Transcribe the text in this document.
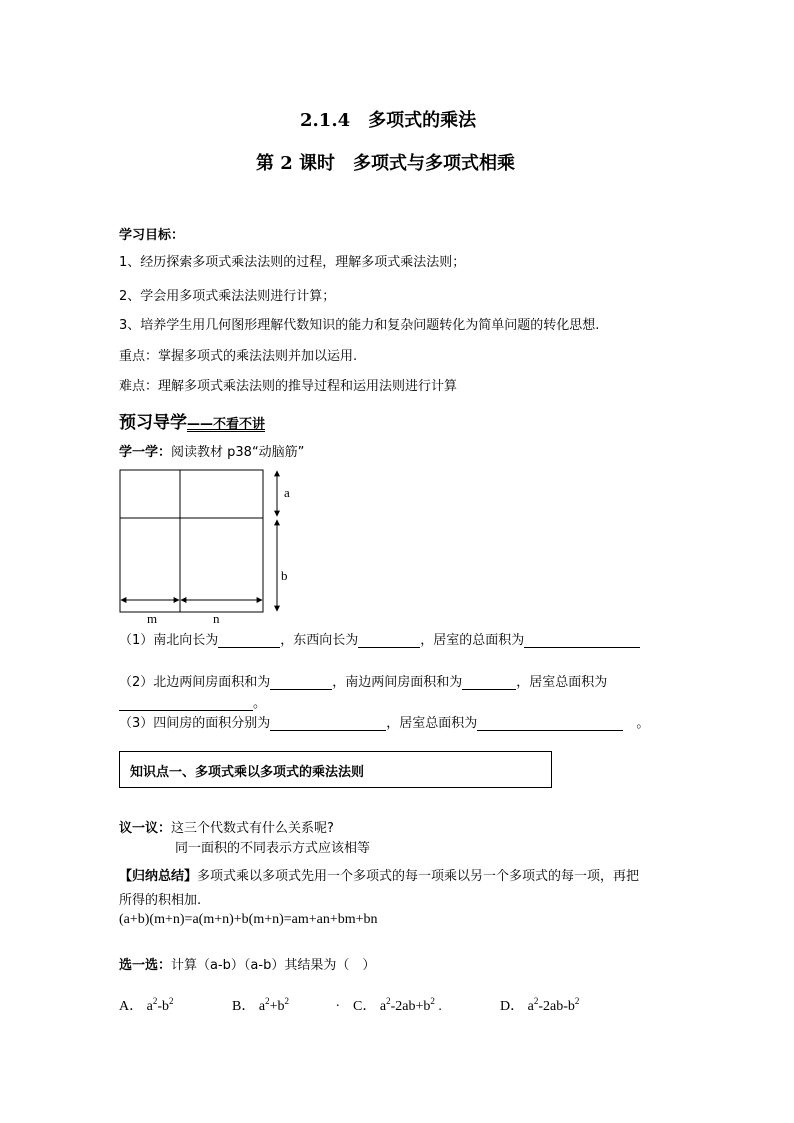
2.1.4　多项式的乘法
第 2 课时　多项式与多项式相乘
学习目标：
1、经历探索多项式乘法法则的过程，理解多项式乘法法则；
2、学会用多项式乘法法则进行计算；
3、培养学生用几何图形理解代数知识的能力和复杂问题转化为简单问题的转化思想.
重点：掌握多项式的乘法法则并加以运用.
难点：理解多项式乘法法则的推导过程和运用法则进行计算
预习导学——不看不讲
学一学：阅读教材 p38“动脑筋”
a
b
m	n
（1）南北向长为	，东西向长为	，居室的总面积为
（2）北边两间房面积和为	，南边两间房面积和为	，居室总面积为
。
（3）四间房的面积分别为	，居室总面积为　	。
知识点一、多项式乘以多项式的乘法法则
议一议：这三个代数式有什么关系呢?
同一面积的不同表示方式应该相等
【归纳总结】多项式乘以多项式先用一个多项式的每一项乘以另一个多项式的每一项，再把
所得的积相加.
(a+b)(m+n)=a(m+n)+b(m+n)=am+an+bm+bn
选一选：计算（a-b）（a-b）其结果为（　）
A． $a^2-b^2$	B． $a^2+b^2$	. C． $a^2-2ab+b^2$ .	D． $a^2-2ab-b^2$
